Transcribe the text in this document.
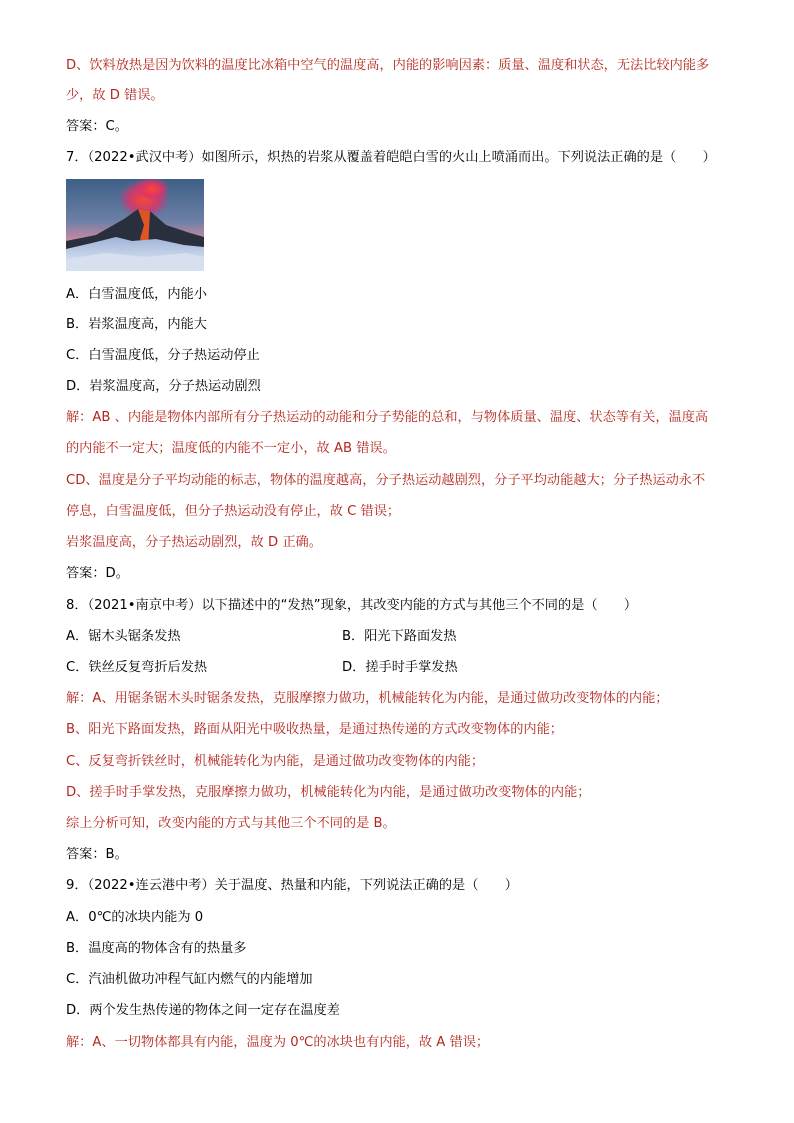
D、饮料放热是因为饮料的温度比冰箱中空气的温度高，内能的影响因素：质量、温度和状态，无法比较内能多
少，故 D 错误。
答案：C。
7．（2022•武汉中考）如图所示，炽热的岩浆从覆盖着皑皑白雪的火山上喷涌而出。下列说法正确的是（　　）
A．白雪温度低，内能小
B．岩浆温度高，内能大
C．白雪温度低，分子热运动停止
D．岩浆温度高，分子热运动剧烈
解：AB 、内能是物体内部所有分子热运动的动能和分子势能的总和，与物体质量、温度、状态等有关，温度高
的内能不一定大；温度低的内能不一定小，故 AB 错误。
CD、温度是分子平均动能的标志，物体的温度越高，分子热运动越剧烈，分子平均动能越大；分子热运动永不
停息，白雪温度低，但分子热运动没有停止，故 C 错误；
岩浆温度高，分子热运动剧烈，故 D 正确。
答案：D。
8．（2021•南京中考）以下描述中的“发热”现象，其改变内能的方式与其他三个不同的是（　　）
A．锯木头锯条发热	B．阳光下路面发热
C．铁丝反复弯折后发热	D．搓手时手掌发热
解：A、用锯条锯木头时锯条发热，克服摩擦力做功，机械能转化为内能，是通过做功改变物体的内能；
B、阳光下路面发热，路面从阳光中吸收热量，是通过热传递的方式改变物体的内能；
C、反复弯折铁丝时，机械能转化为内能，是通过做功改变物体的内能；
D、搓手时手掌发热，克服摩擦力做功，机械能转化为内能，是通过做功改变物体的内能；
综上分析可知，改变内能的方式与其他三个不同的是 B。
答案：B。
9．（2022•连云港中考）关于温度、热量和内能，下列说法正确的是（　　）
A．0℃的冰块内能为 0
B．温度高的物体含有的热量多
C．汽油机做功冲程气缸内燃气的内能增加
D．两个发生热传递的物体之间一定存在温度差
解：A、一切物体都具有内能，温度为 0℃的冰块也有内能，故 A 错误；
